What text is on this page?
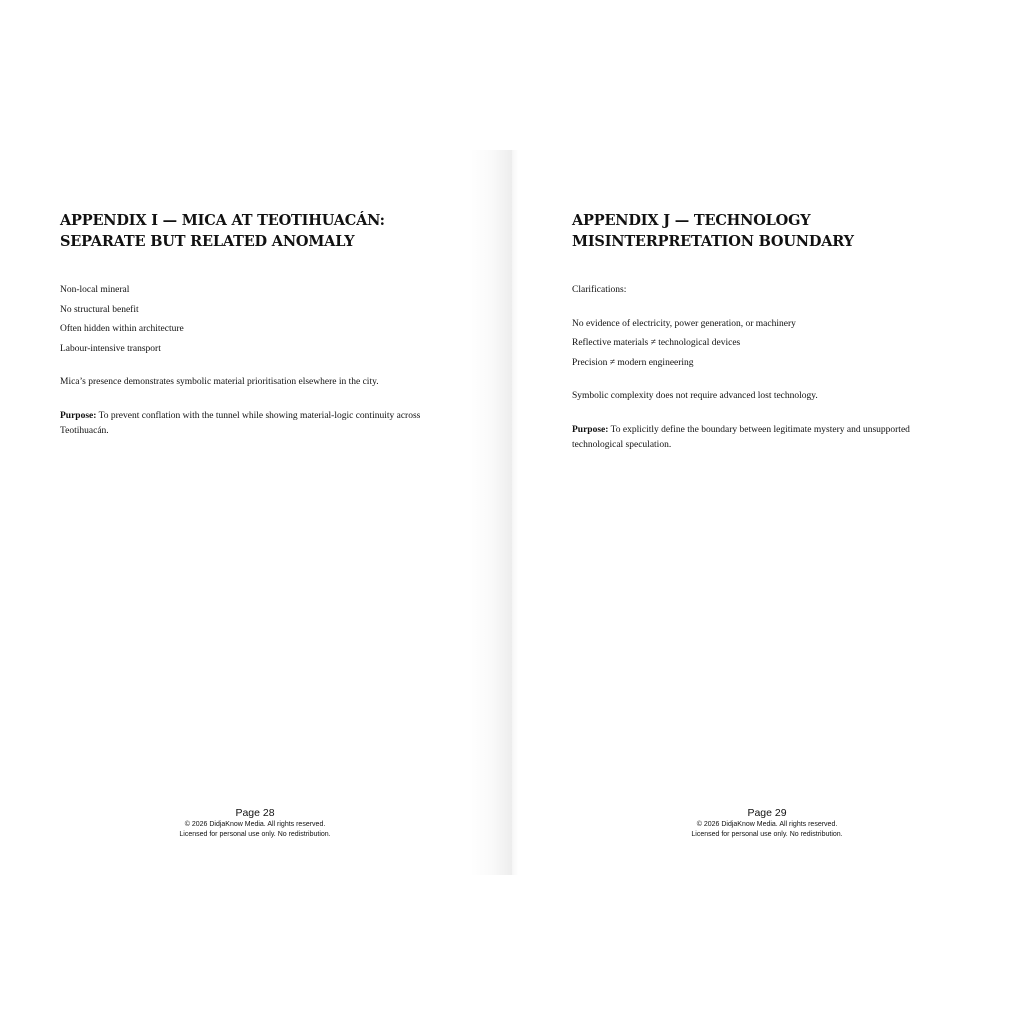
APPENDIX I — MICA AT TEOTIHUACÁN: SEPARATE BUT RELATED ANOMALY
Non-local mineral
No structural benefit
Often hidden within architecture
Labour-intensive transport
Mica’s presence demonstrates symbolic material prioritisation elsewhere in the city.
Purpose: To prevent conflation with the tunnel while showing material-logic continuity across Teotihuacán.
Page 28
© 2026 DidjaKnow Media. All rights reserved.
Licensed for personal use only. No redistribution.
APPENDIX J — TECHNOLOGY MISINTERPRETATION BOUNDARY
Clarifications:
No evidence of electricity, power generation, or machinery
Reflective materials ≠ technological devices
Precision ≠ modern engineering
Symbolic complexity does not require advanced lost technology.
Purpose: To explicitly define the boundary between legitimate mystery and unsupported technological speculation.
Page 29
© 2026 DidjaKnow Media. All rights reserved.
Licensed for personal use only. No redistribution.
